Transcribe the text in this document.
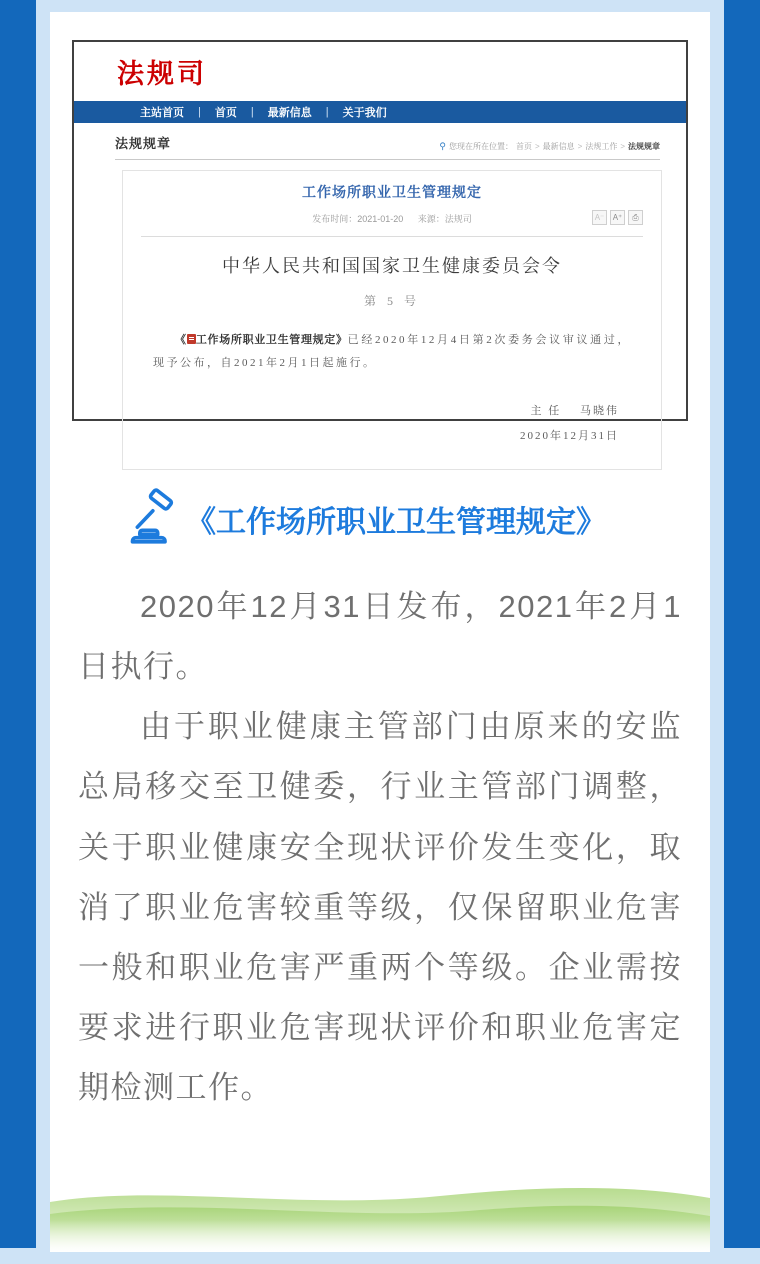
法规司
主站首页	|	首页	|	最新信息	|	关于我们
法规规章	⚲ 您现在所在位置： 首页 > 最新信息 > 法规工作 > 法规规章
工作场所职业卫生管理规定
发布时间：2021-01-20 来源：法规司	A⁻	A⁺	⎙
中华人民共和国国家卫生健康委员会令
第 5 号
《 工作场所职业卫生管理规定》已经2020年12月4日第2次委务会议审议通过，现予公布，自2021年2月1日起施行。
主 任 马晓伟
2020年12月31日
《工作场所职业卫生管理规定》

2020年12月31日发布，2021年2月1日执行。

由于职业健康主管部门由原来的安监总局移交至卫健委，行业主管部门调整，关于职业健康安全现状评价发生变化，取消了职业危害较重等级，仅保留职业危害一般和职业危害严重两个等级。企业需按要求进行职业危害现状评价和职业危害定期检测工作。
